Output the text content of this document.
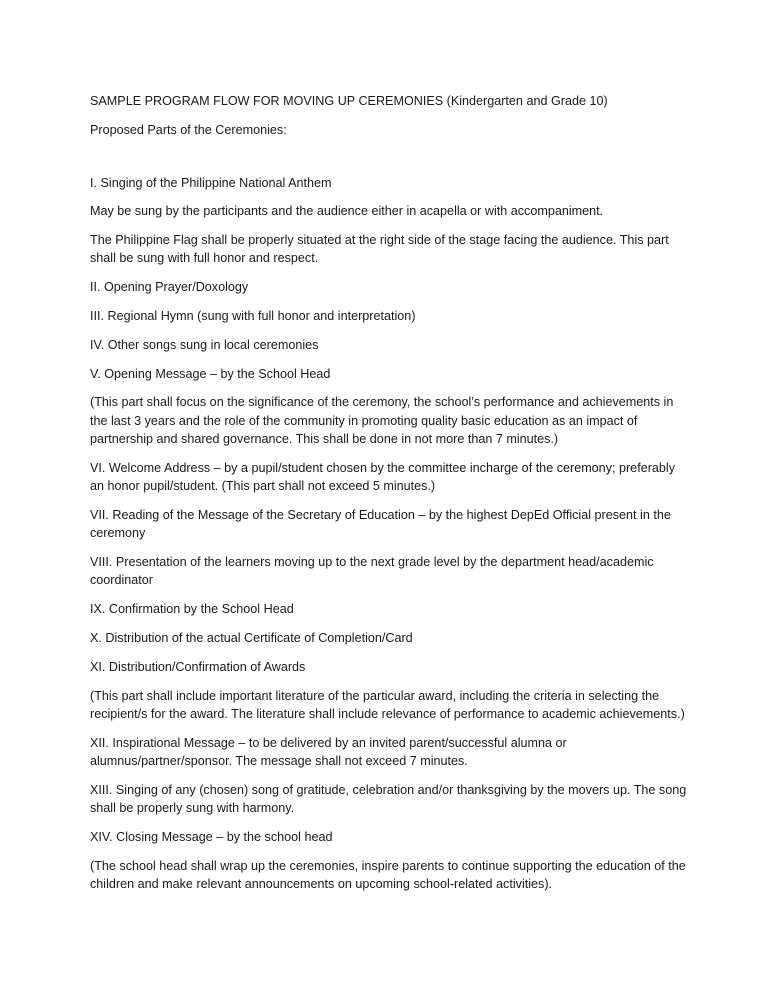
SAMPLE PROGRAM FLOW FOR MOVING UP CEREMONIES (Kindergarten and Grade 10)

Proposed Parts of the Ceremonies:

I. Singing of the Philippine National Anthem

May be sung by the participants and the audience either in acapella or with accompaniment.

The Philippine Flag shall be properly situated at the right side of the stage facing the audience. This part shall be sung with full honor and respect.

II. Opening Prayer/Doxology

III. Regional Hymn (sung with full honor and interpretation)

IV. Other songs sung in local ceremonies

V. Opening Message – by the School Head

(This part shall focus on the significance of the ceremony, the school’s performance and achievements in the last 3 years and the role of the community in promoting quality basic education as an impact of partnership and shared governance. This shall be done in not more than 7 minutes.)

VI. Welcome Address – by a pupil/student chosen by the committee incharge of the ceremony; preferably an honor pupil/student. (This part shall not exceed 5 minutes.)

VII. Reading of the Message of the Secretary of Education – by the highest DepEd Official present in the ceremony

VIII. Presentation of the learners moving up to the next grade level by the department head/academic coordinator

IX. Confirmation by the School Head

X. Distribution of the actual Certificate of Completion/Card

XI. Distribution/Confirmation of Awards

(This part shall include important literature of the particular award, including the criteria in selecting the recipient/s for the award. The literature shall include relevance of performance to academic achievements.)

XII. Inspirational Message – to be delivered by an invited parent/successful alumna or alumnus/partner/sponsor. The message shall not exceed 7 minutes.

XIII. Singing of any (chosen) song of gratitude, celebration and/or thanksgiving by the movers up. The song shall be properly sung with harmony.

XIV. Closing Message – by the school head

(The school head shall wrap up the ceremonies, inspire parents to continue supporting the education of the children and make relevant announcements on upcoming school-related activities).
